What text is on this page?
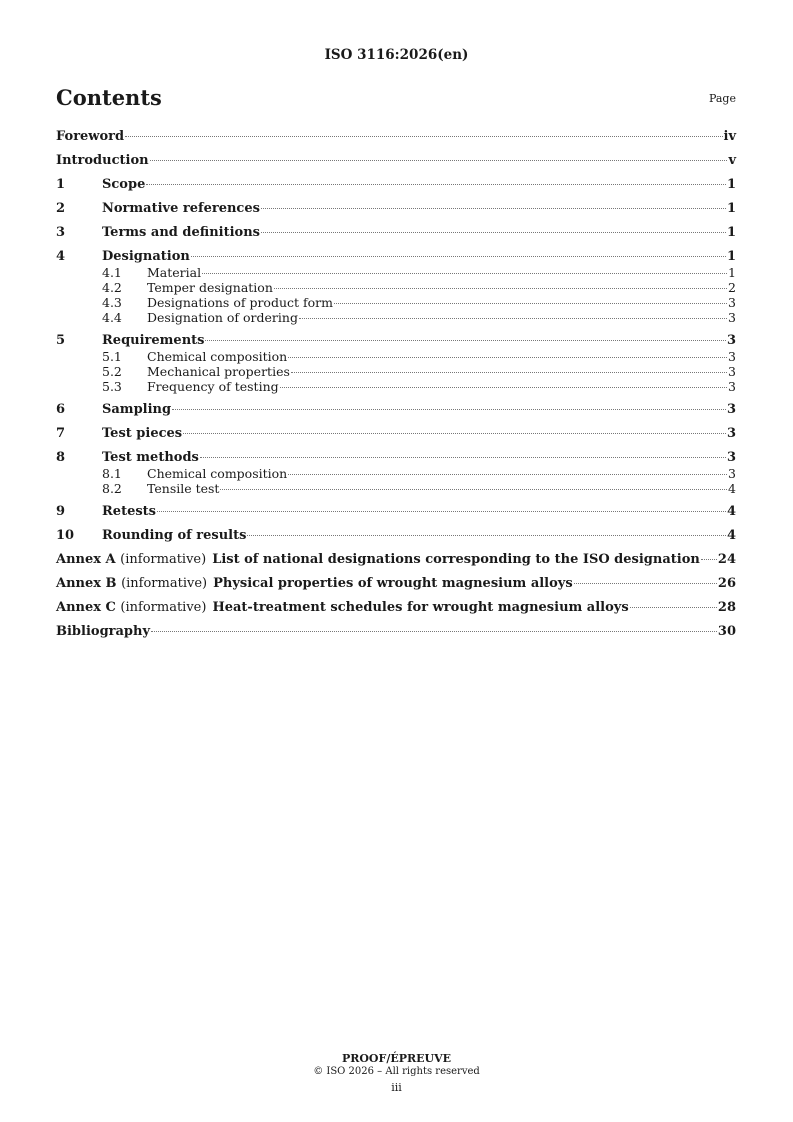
ISO 3116:2026(en)
Contents	Page
Foreword	iv
Introduction	v
1	Scope	1
2	Normative references	1
3	Terms and definitions	1
4	Designation	1
4.1	Material	1
4.2	Temper designation	2
4.3	Designations of product form	3
4.4	Designation of ordering	3
5	Requirements	3
5.1	Chemical composition	3
5.2	Mechanical properties	3
5.3	Frequency of testing	3
6	Sampling	3
7	Test pieces	3
8	Test methods	3
8.1	Chemical composition	3
8.2	Tensile test	4
9	Retests	4
10	Rounding of results	4
Annex A (informative) List of national designations corresponding to the ISO designation 24
Annex B (informative) Physical properties of wrought magnesium alloys	26
Annex C (informative) Heat-treatment schedules for wrought magnesium alloys	28
Bibliography	30
PROOF/ÉPREUVE
© ISO 2026 – All rights reserved
iii
